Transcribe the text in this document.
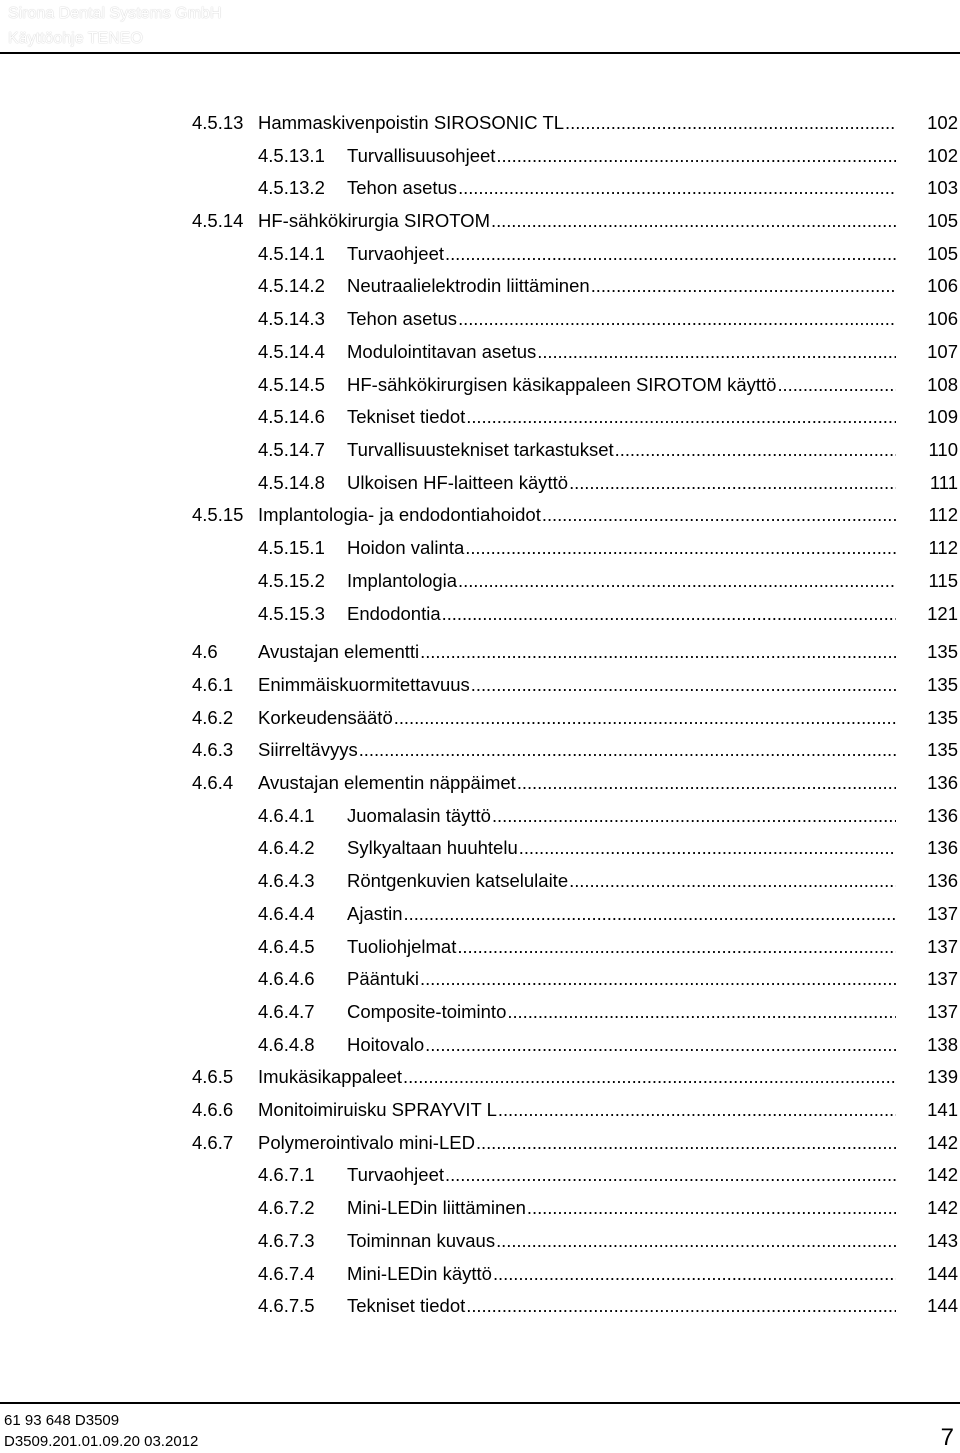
Sirona Dental Systems GmbH
Käyttöohje TENEO
4.5.13 Hammaskivenpoistin SIROSONIC TL . . .	102
4.5.13.1 Turvallisuusohjeet . . .	102
4.5.13.2 Tehon asetus . . .	103
4.5.14 HF-sähkökirurgia SIROTOM . . .	105
4.5.14.1 Turvaohjeet . . .	105
4.5.14.2 Neutraalielektrodin liittäminen . . .	106
4.5.14.3 Tehon asetus . . .	106
4.5.14.4 Modulointitavan asetus . . .	107
4.5.14.5 HF-sähkökirurgisen käsikappaleen SIROTOM käyttö . . .	108
4.5.14.6 Tekniset tiedot . . .	109
4.5.14.7 Turvallisuustekniset tarkastukset . . .	110
4.5.14.8 Ulkoisen HF-laitteen käyttö . . .	111
4.5.15 Implantologia- ja endodontiahoidot . . .	112
4.5.15.1 Hoidon valinta . . .	112
4.5.15.2 Implantologia . . .	115
4.5.15.3 Endodontia . . .	121
4.6 Avustajan elementti . . .	135
4.6.1 Enimmäiskuormitettavuus . . .	135
4.6.2 Korkeudensäätö . . .	135
4.6.3 Siirreltävyys . . .	135
4.6.4 Avustajan elementin näppäimet . . .	136
4.6.4.1 Juomalasin täyttö . . .	136
4.6.4.2 Sylkyaltaan huuhtelu . . .	136
4.6.4.3 Röntgenkuvien katselulaite . . .	136
4.6.4.4 Ajastin . . .	137
4.6.4.5 Tuoliohjelmat . . .	137
4.6.4.6 Pääntuki . . .	137
4.6.4.7 Composite-toiminto . . .	137
4.6.4.8 Hoitovalo . . .	138
4.6.5 Imukäsikappaleet . . .	139
4.6.6 Monitoimiruisku SPRAYVIT L . . .	141
4.6.7 Polymerointivalo mini-LED . . .	142
4.6.7.1 Turvaohjeet . . .	142
4.6.7.2 Mini-LEDin liittäminen . . .	142
4.6.7.3 Toiminnan kuvaus . . .	143
4.6.7.4 Mini-LEDin käyttö . . .	144
4.6.7.5 Tekniset tiedot . . .	144
61 93 648 D3509
D3509.201.01.09.20 03.2012	7
